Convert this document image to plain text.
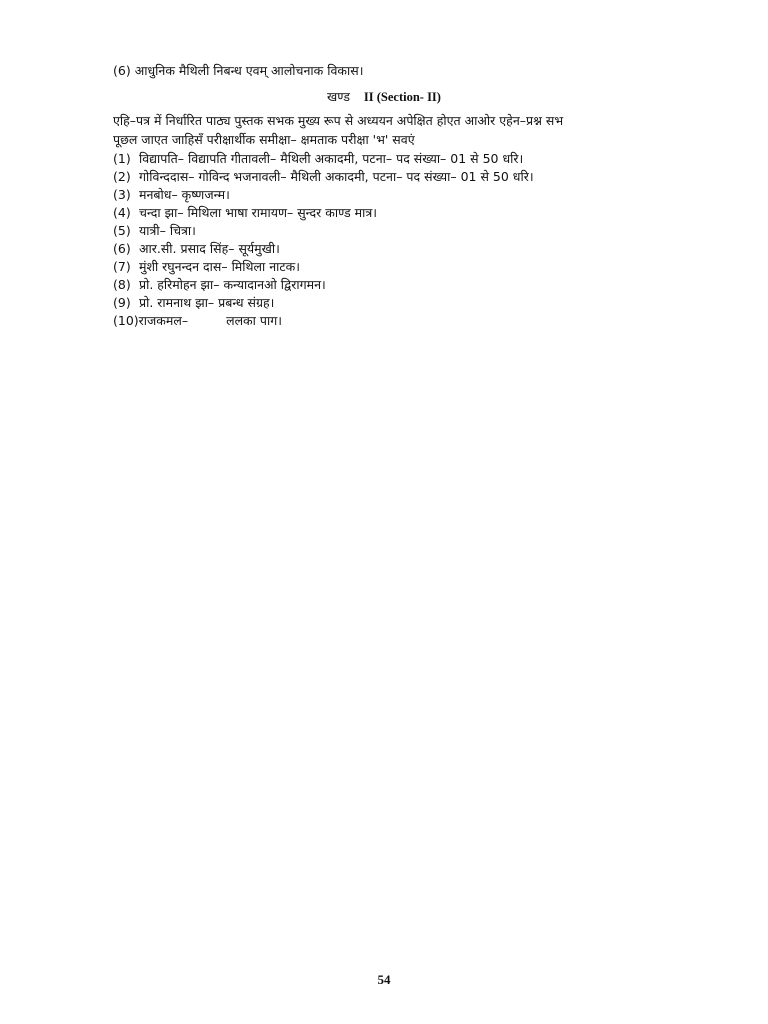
(6) आधुनिक मैथिली निबन्ध एवम् आलोचनाक विकास।
खण्ड II (Section- II)
एहि–पत्र में निर्धारित पाठ्य पुस्तक सभक मुख्य रूप से अध्ययन अपेक्षित होएत आओर एहेन–प्रश्न सभ
पूछल जाएत जाहिसँ परीक्षार्थीक समीक्षा– क्षमताक परीक्षा 'भ' सवएं
(1) विद्यापति– विद्यापति गीतावली– मैथिली अकादमी, पटना– पद संख्या– 01 से 50 धरि।
(2) गोविन्ददास– गोविन्द भजनावली– मैथिली अकादमी, पटना– पद संख्या– 01 से 50 धरि।
(3) मनबोध– कृष्णजन्म।
(4) चन्दा झा– मिथिला भाषा रामायण– सुन्दर काण्ड मात्र।
(5) यात्री– चित्रा।
(6) आर.सी. प्रसाद सिंह– सूर्यमुखी।
(7) मुंशी रघुनन्दन दास– मिथिला नाटक।
(8) प्रो. हरिमोहन झा– कन्यादानओ द्विरागमन।
(9) प्रो. रामनाथ झा– प्रबन्ध संग्रह।
(10)राजकमल–	ललका पाग।
54
